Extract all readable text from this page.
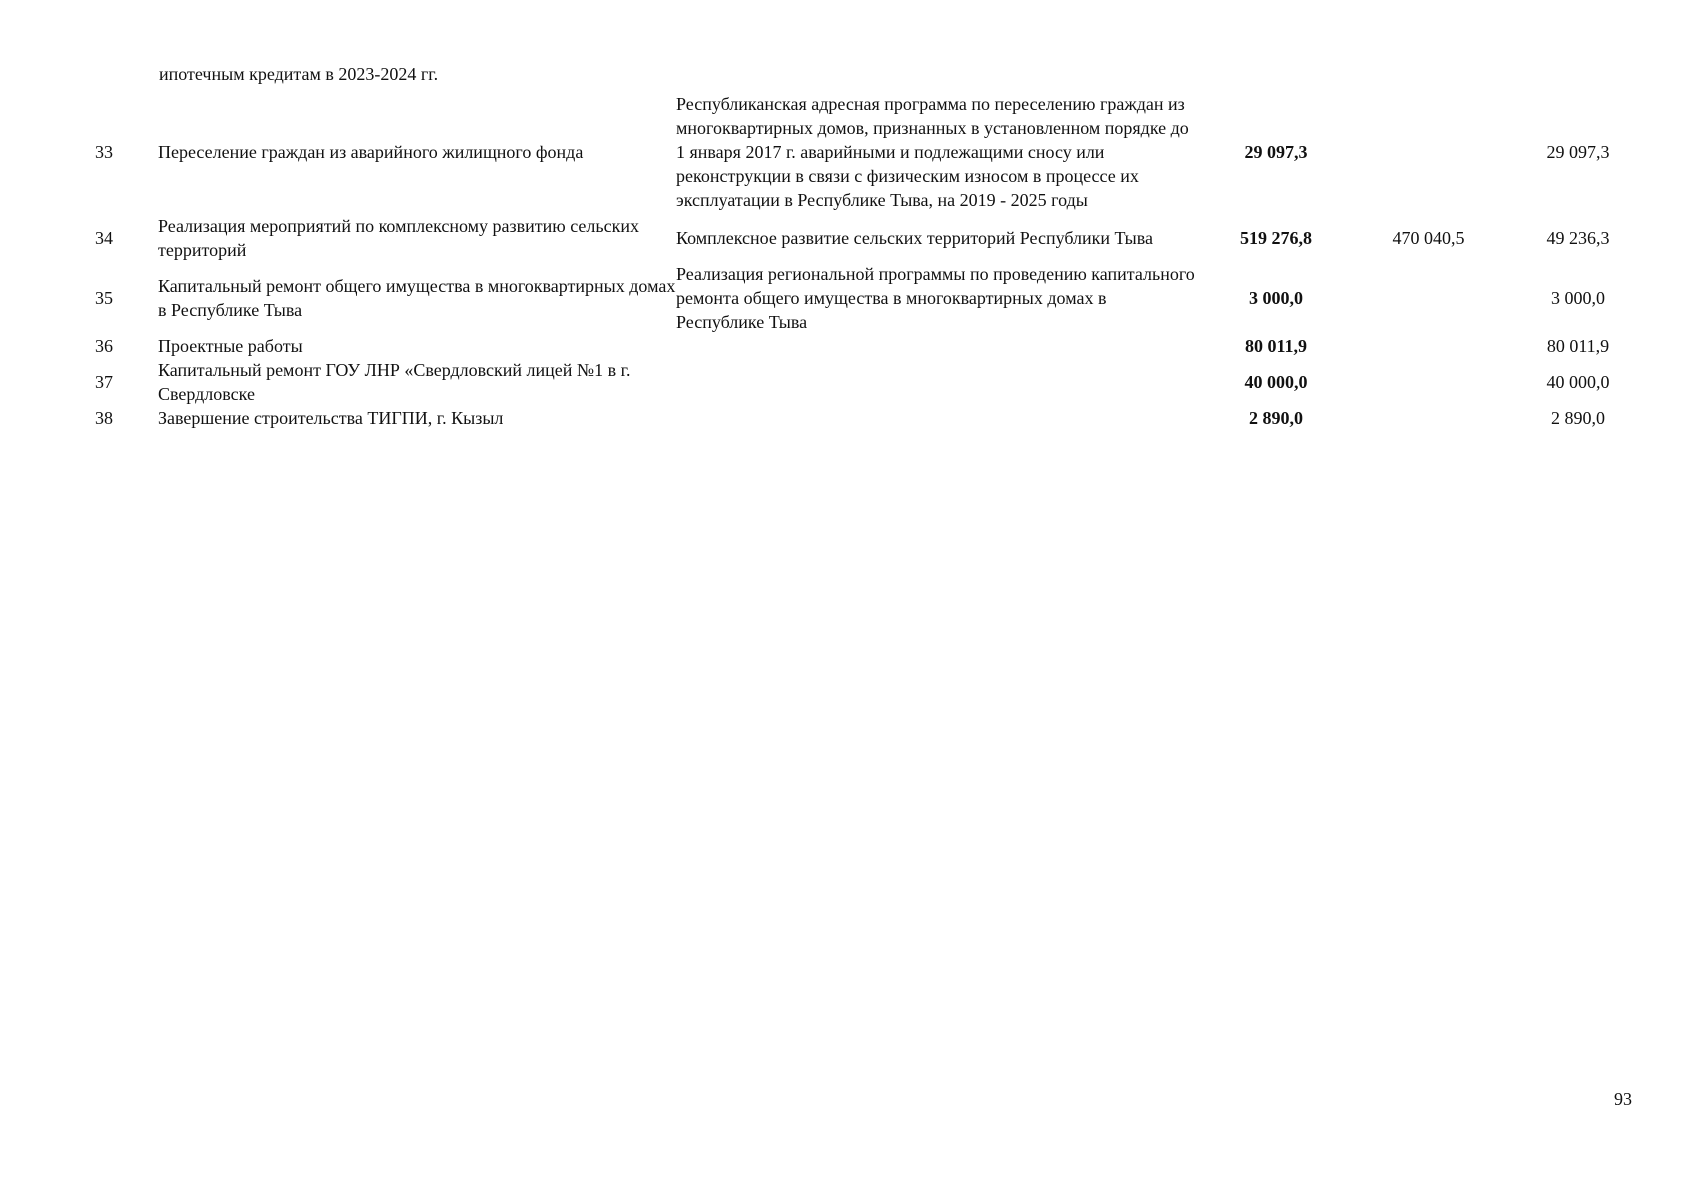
ипотечным кредитам в 2023-2024 гг.
33	Переселение граждан из аварийного жилищного фонда	Республиканская адресная программа по переселению граждан из многоквартирных домов, признанных в установленном порядке до 1 января 2017 г. аварийными и подлежащими сносу или реконструкции в связи с физическим износом в процессе их эксплуатации в Республике Тыва, на 2019 - 2025 годы	29 097,3		29 097,3
34	Реализация мероприятий по комплексному развитию сельских территорий	Комплексное развитие сельских территорий Республики Тыва	519 276,8	470 040,5	49 236,3
35	Капитальный ремонт общего имущества в многоквартирных домах в Республике Тыва	Реализация региональной программы по проведению капитального ремонта общего имущества в многоквартирных домах в Республике Тыва	3 000,0		3 000,0
36	Проектные работы		80 011,9		80 011,9
37	Капитальный ремонт ГОУ ЛНР «Свердловский лицей №1 в г. Свердловске		40 000,0		40 000,0
38	Завершение строительства ТИГПИ, г. Кызыл		2 890,0		2 890,0
93
